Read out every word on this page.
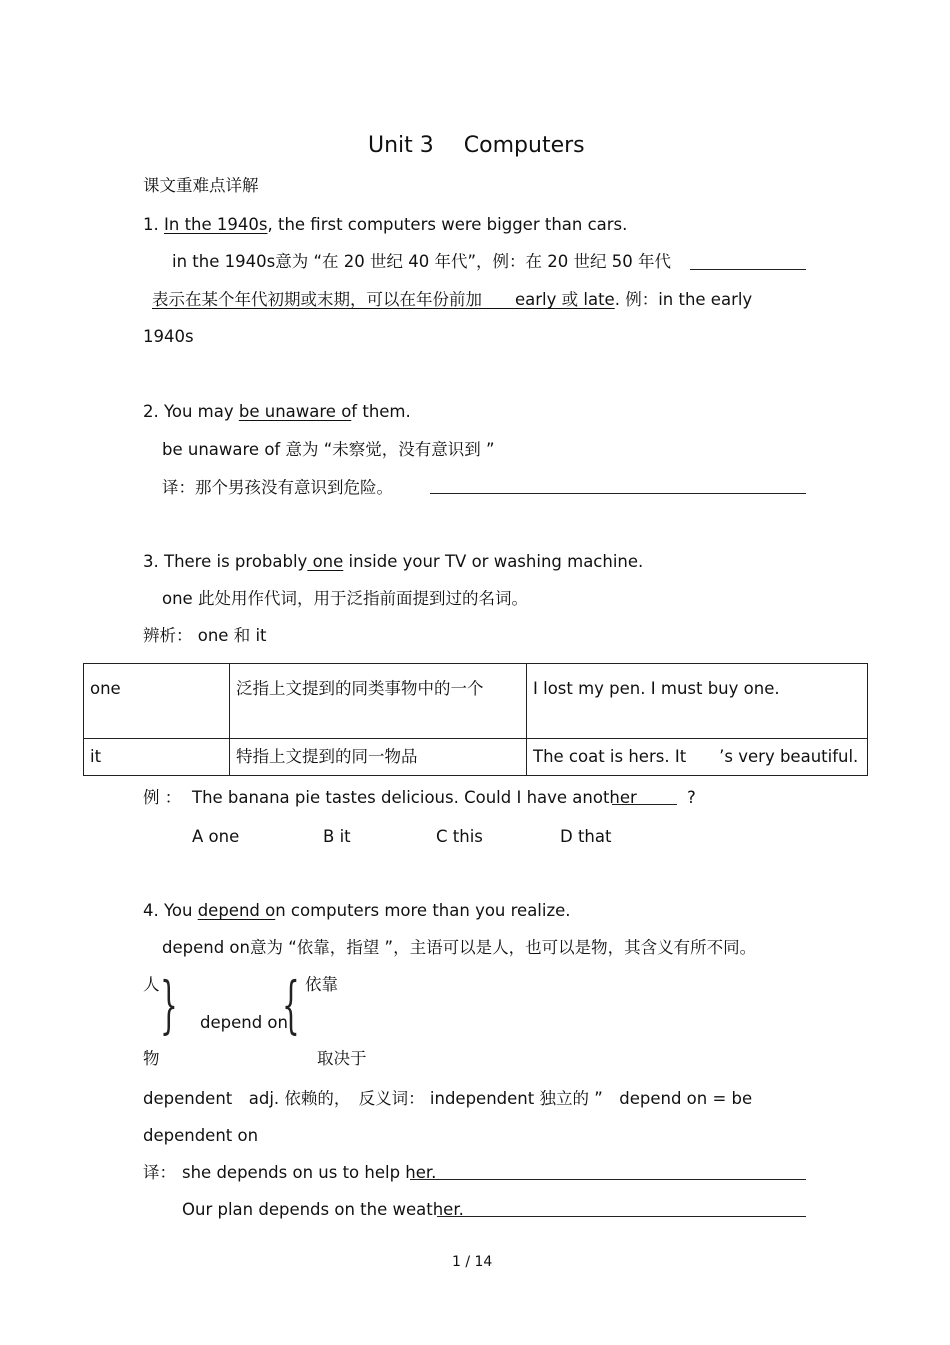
Unit 3 Computers
课文重难点详解
1. In the 1940s, the first computers were bigger than cars.
in the 1940s意为 “在 20 世纪 40 年代”，例：在 20 世纪 50 年代
表示在某个年代初期或末期，可以在年份前加　　early 或 late. 例：in the early
1940s
2. You may be unaware of them.
be unaware of 意为 “未察觉，没有意识到 ”
译：那个男孩没有意识到危险。
3. There is probably one inside your TV or washing machine.
one 此处用作代词，用于泛指前面提到过的名词。
辨析： one 和 it
one	泛指上文提到的同类事物中的一个	I lost my pen. I must buy one.
it	特指上文提到的同一物品	The coat is hers. It　　’s very beautiful.
例 ： The banana pie tastes delicious. Could I have another	?
A one	B it	C this	D that
4. You depend on computers more than you realize.
depend on意为 “依靠，指望 ”，主语可以是人，也可以是物，其含义有所不同。
人 } depend on
{ 依靠
物	取决于
dependent　adj. 依赖的，　反义词： independent 独立的 ”　depend on = be
dependent on
译： she depends on us to help her.
Our plan depends on the weather.
1 / 14
